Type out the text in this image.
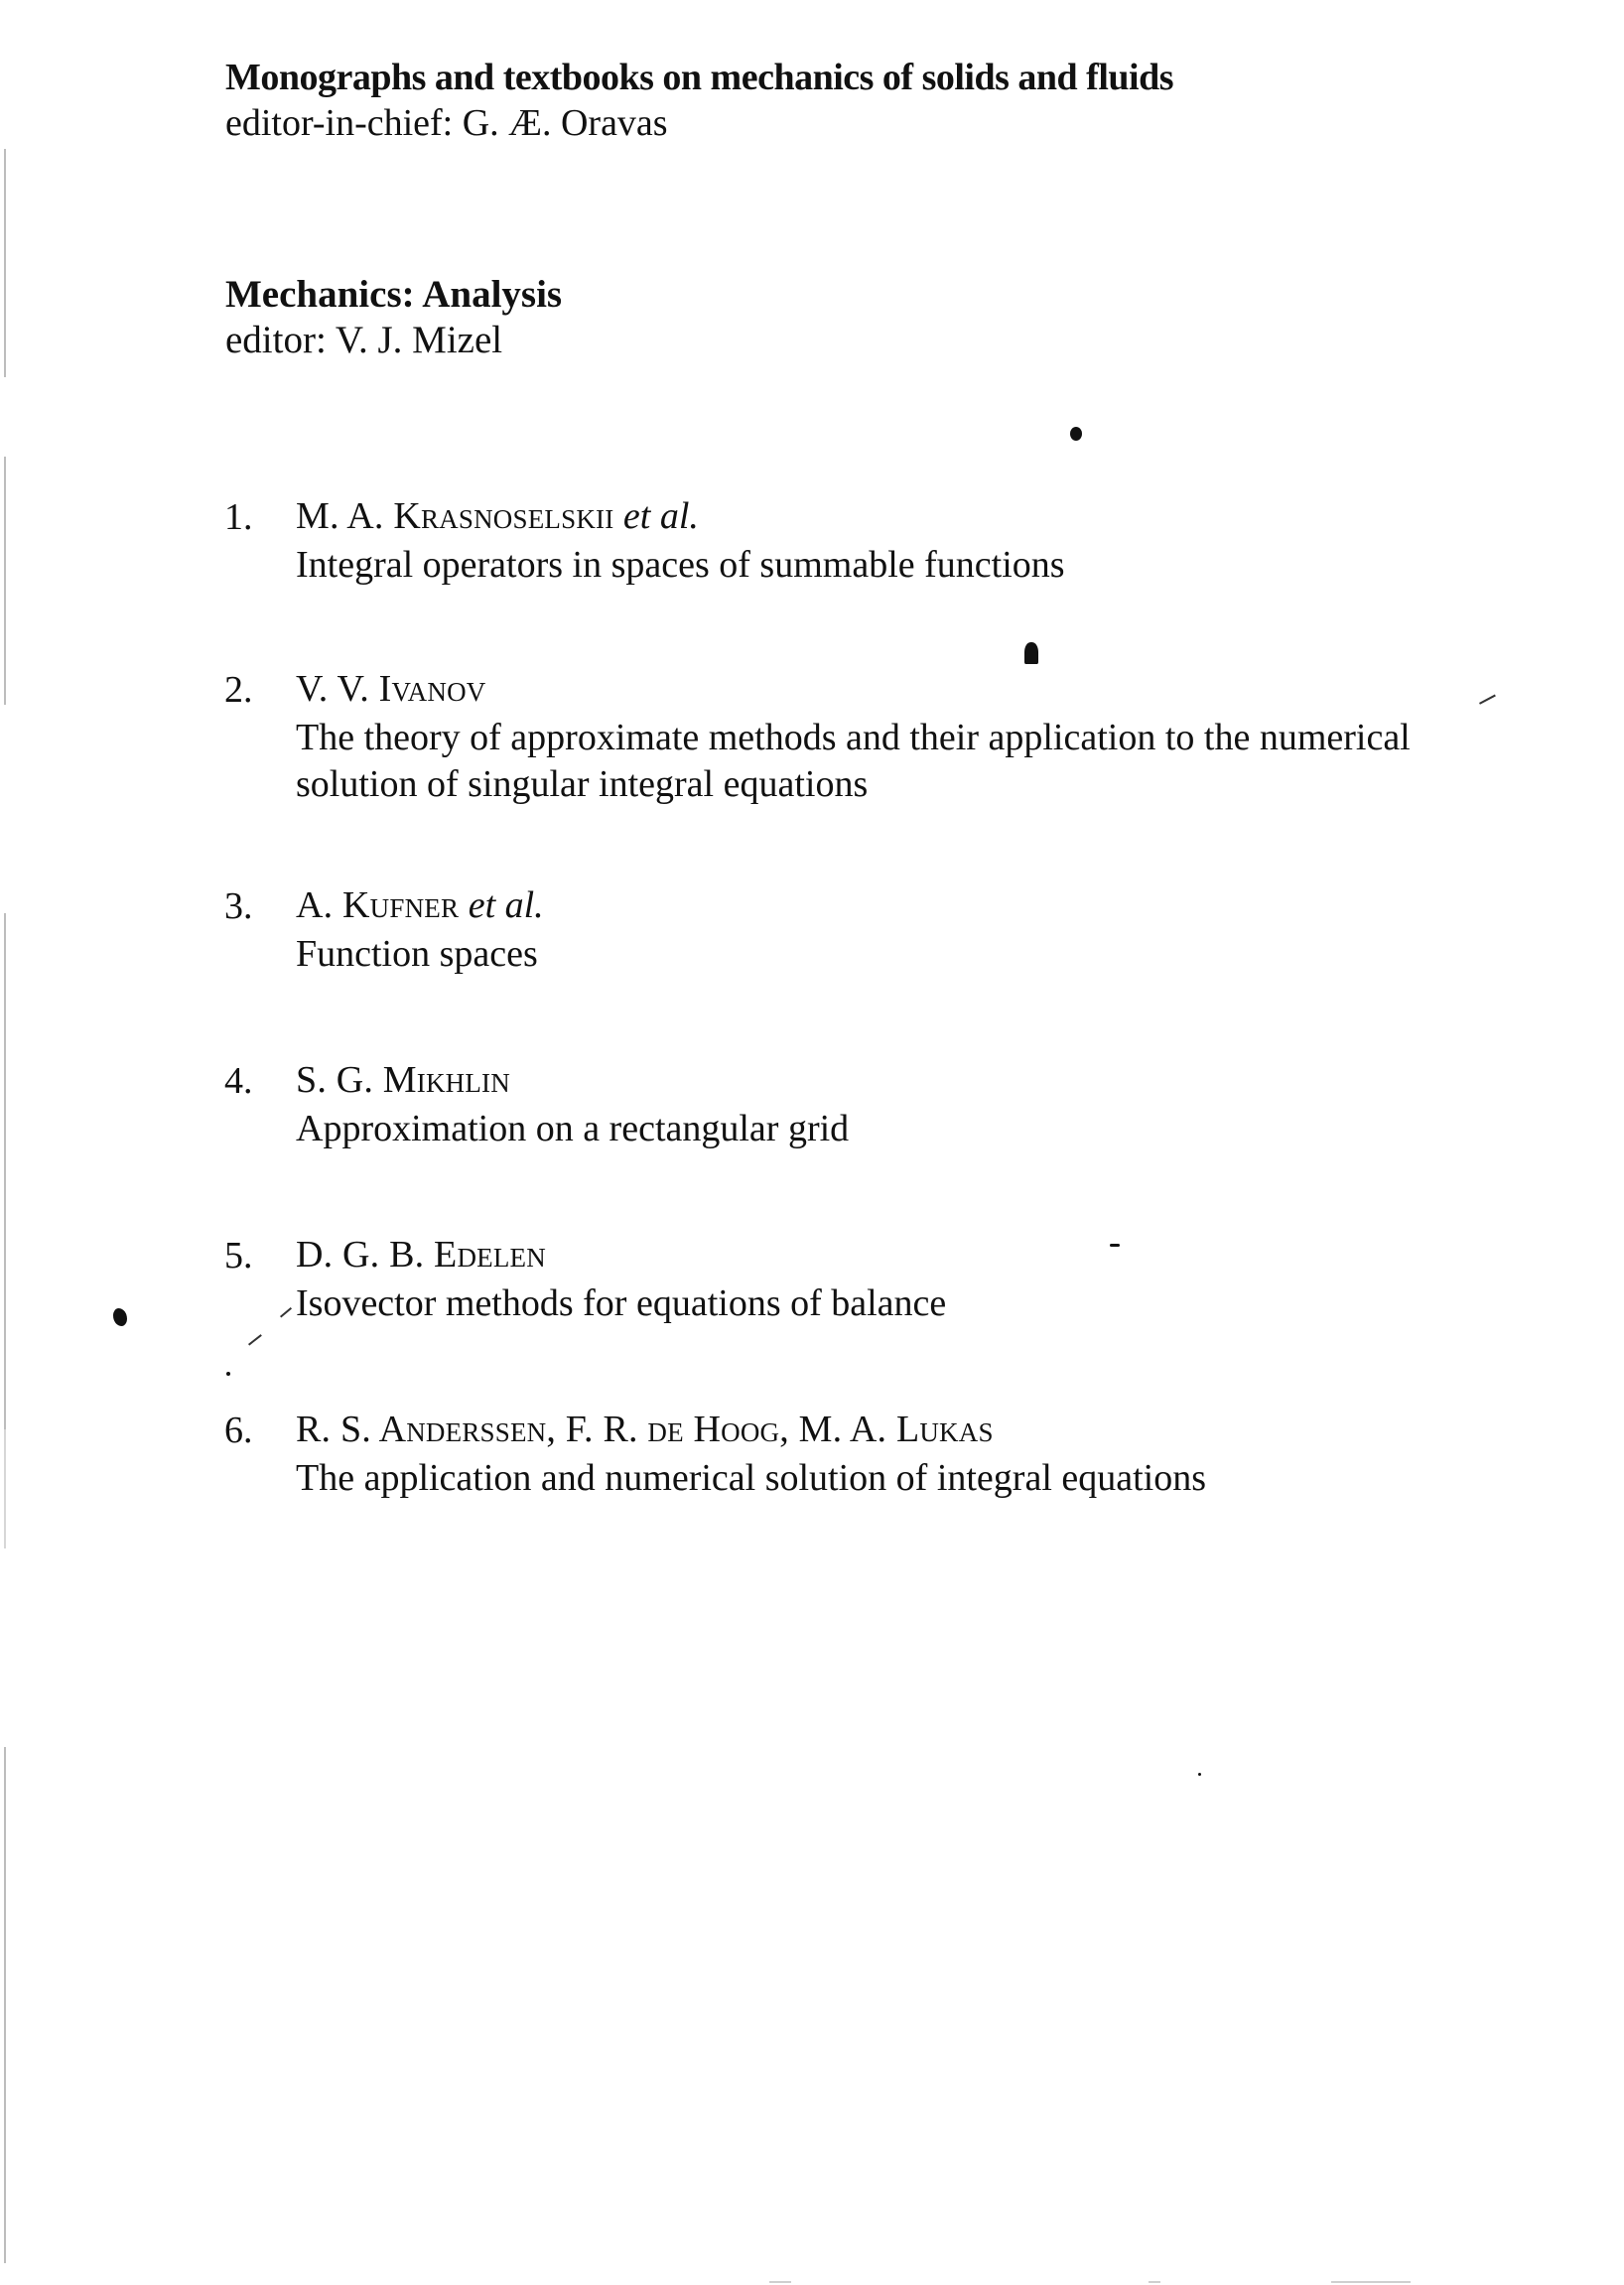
Monographs and textbooks on mechanics of solids and fluids
editor-in-chief: G. Æ. Oravas
Mechanics: Analysis
editor: V. J. Mizel
1.	M. A. Krasnoselskii et al.
Integral operators in spaces of summable functions
2.	V. V. Ivanov
The theory of approximate methods and their application to the numerical
solution of singular integral equations
3.	A. Kufner et al.
Function spaces
4.	S. G. Mikhlin
Approximation on a rectangular grid
5.	D. G. B. Edelen
Isovector methods for equations of balance
6.	R. S. Anderssen, F. R. de Hoog, M. A. Lukas
The application and numerical solution of integral equations
